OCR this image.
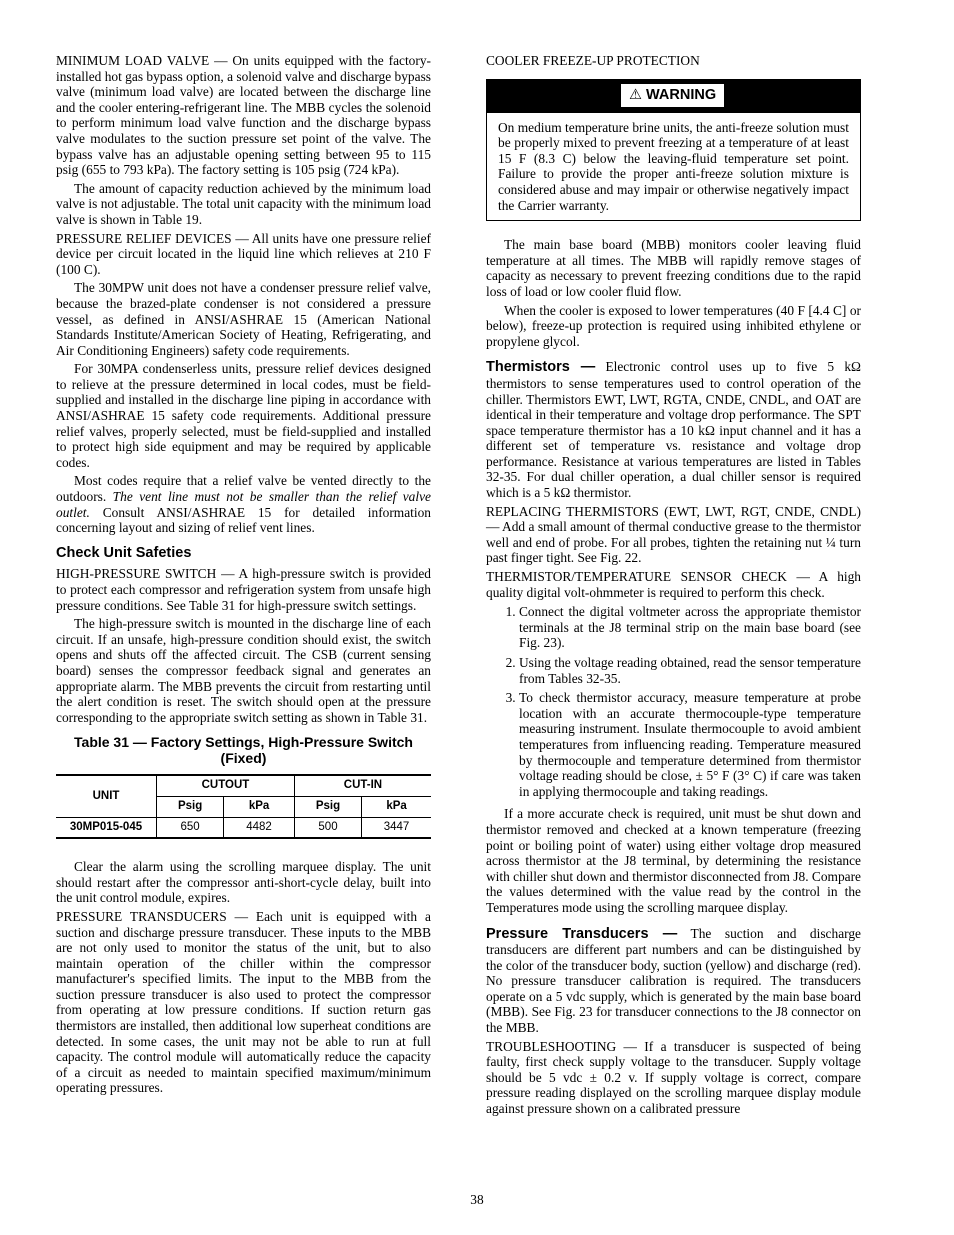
MINIMUM LOAD VALVE — On units equipped with the factory-installed hot gas bypass option, a solenoid valve and discharge bypass valve (minimum load valve) are located between the discharge line and the cooler entering-refrigerant line. The MBB cycles the solenoid to perform minimum load valve function and the discharge bypass valve modulates to the suction pressure set point of the valve. The bypass valve has an adjustable opening setting between 95 to 115 psig (655 to 793 kPa). The factory setting is 105 psig (724 kPa).

The amount of capacity reduction achieved by the minimum load valve is not adjustable. The total unit capacity with the minimum load valve is shown in Table 19.

PRESSURE RELIEF DEVICES — All units have one pressure relief device per circuit located in the liquid line which relieves at 210 F (100 C).

The 30MPW unit does not have a condenser pressure relief valve, because the brazed-plate condenser is not considered a pressure vessel, as defined in ANSI/ASHRAE 15 (American National Standards Institute/American Society of Heating, Refrigerating, and Air Conditioning Engineers) safety code requirements.

For 30MPA condenserless units, pressure relief devices designed to relieve at the pressure determined in local codes, must be field-supplied and installed in the discharge line piping in accordance with ANSI/ASHRAE 15 safety code requirements. Additional pressure relief valves, properly selected, must be field-supplied and installed to protect high side equipment and may be required by applicable codes.

Most codes require that a relief valve be vented directly to the outdoors. The vent line must not be smaller than the relief valve outlet. Consult ANSI/ASHRAE 15 for detailed information concerning layout and sizing of relief vent lines.

Check Unit Safeties

HIGH-PRESSURE SWITCH — A high-pressure switch is provided to protect each compressor and refrigeration system from unsafe high pressure conditions. See Table 31 for high-pressure switch settings.

The high-pressure switch is mounted in the discharge line of each circuit. If an unsafe, high-pressure condition should exist, the switch opens and shuts off the affected circuit. The CSB (current sensing board) senses the compressor feedback signal and generates an appropriate alarm. The MBB prevents the circuit from restarting until the alert condition is reset. The switch should open at the pressure corresponding to the appropriate switch setting as shown in Table 31.

Table 31 — Factory Settings, High-Pressure Switch (Fixed)
UNIT	CUTOUT		CUT-IN	
	Psig	kPa	Psig	kPa
30MP015-045	650	4482	500	3447

Clear the alarm using the scrolling marquee display. The unit should restart after the compressor anti-short-cycle delay, built into the unit control module, expires.

PRESSURE TRANSDUCERS — Each unit is equipped with a suction and discharge pressure transducer. These inputs to the MBB are not only used to monitor the status of the unit, but to also maintain operation of the chiller within the compressor manufacturer's specified limits. The input to the MBB from the suction pressure transducer is also used to protect the compressor from operating at low pressure conditions. If suction return gas thermistors are installed, then additional low superheat conditions are detected. In some cases, the unit may not be able to run at full capacity. The control module will automatically reduce the capacity of a circuit as needed to maintain specified maximum/minimum operating pressures.

COOLER FREEZE-UP PROTECTION

⚠ WARNING
On medium temperature brine units, the anti-freeze solution must be properly mixed to prevent freezing at a temperature of at least 15 F (8.3 C) below the leaving-fluid temperature set point. Failure to provide the proper anti-freeze solution mixture is considered abuse and may impair or otherwise negatively impact the Carrier warranty.

The main base board (MBB) monitors cooler leaving fluid temperature at all times. The MBB will rapidly remove stages of capacity as necessary to prevent freezing conditions due to the rapid loss of load or low cooler fluid flow.

When the cooler is exposed to lower temperatures (40 F [4.4 C] or below), freeze-up protection is required using inhibited ethylene or propylene glycol.

Thermistors — Electronic control uses up to five 5 kΩ thermistors to sense temperatures used to control operation of the chiller. Thermistors EWT, LWT, RGTA, CNDE, CNDL, and OAT are identical in their temperature and voltage drop performance. The SPT space temperature thermistor has a 10 kΩ input channel and it has a different set of temperature vs. resistance and voltage drop performance. Resistance at various temperatures are listed in Tables 32-35. For dual chiller operation, a dual chiller sensor is required which is a 5 kΩ thermistor.

REPLACING THERMISTORS (EWT, LWT, RGT, CNDE, CNDL) — Add a small amount of thermal conductive grease to the thermistor well and end of probe. For all probes, tighten the retaining nut ¼ turn past finger tight. See Fig. 22.

THERMISTOR/TEMPERATURE SENSOR CHECK — A high quality digital volt-ohmmeter is required to perform this check.

1. Connect the digital voltmeter across the appropriate themistor terminals at the J8 terminal strip on the main base board (see Fig. 23).
2. Using the voltage reading obtained, read the sensor temperature from Tables 32-35.
3. To check thermistor accuracy, measure temperature at probe location with an accurate thermocouple-type temperature measuring instrument. Insulate thermocouple to avoid ambient temperatures from influencing reading. Temperature measured by thermocouple and temperature determined from thermistor voltage reading should be close, ± 5° F (3° C) if care was taken in applying thermocouple and taking readings.

If a more accurate check is required, unit must be shut down and thermistor removed and checked at a known temperature (freezing point or boiling point of water) using either voltage drop measured across thermistor at the J8 terminal, by determining the resistance with chiller shut down and thermistor disconnected from J8. Compare the values determined with the value read by the control in the Temperatures mode using the scrolling marquee display.

Pressure Transducers — The suction and discharge transducers are different part numbers and can be distinguished by the color of the transducer body, suction (yellow) and discharge (red). No pressure transducer calibration is required. The transducers operate on a 5 vdc supply, which is generated by the main base board (MBB). See Fig. 23 for transducer connections to the J8 connector on the MBB.

TROUBLESHOOTING — If a transducer is suspected of being faulty, first check supply voltage to the transducer. Supply voltage should be 5 vdc ± 0.2 v. If supply voltage is correct, compare pressure reading displayed on the scrolling marquee display module against pressure shown on a calibrated pressure

38
